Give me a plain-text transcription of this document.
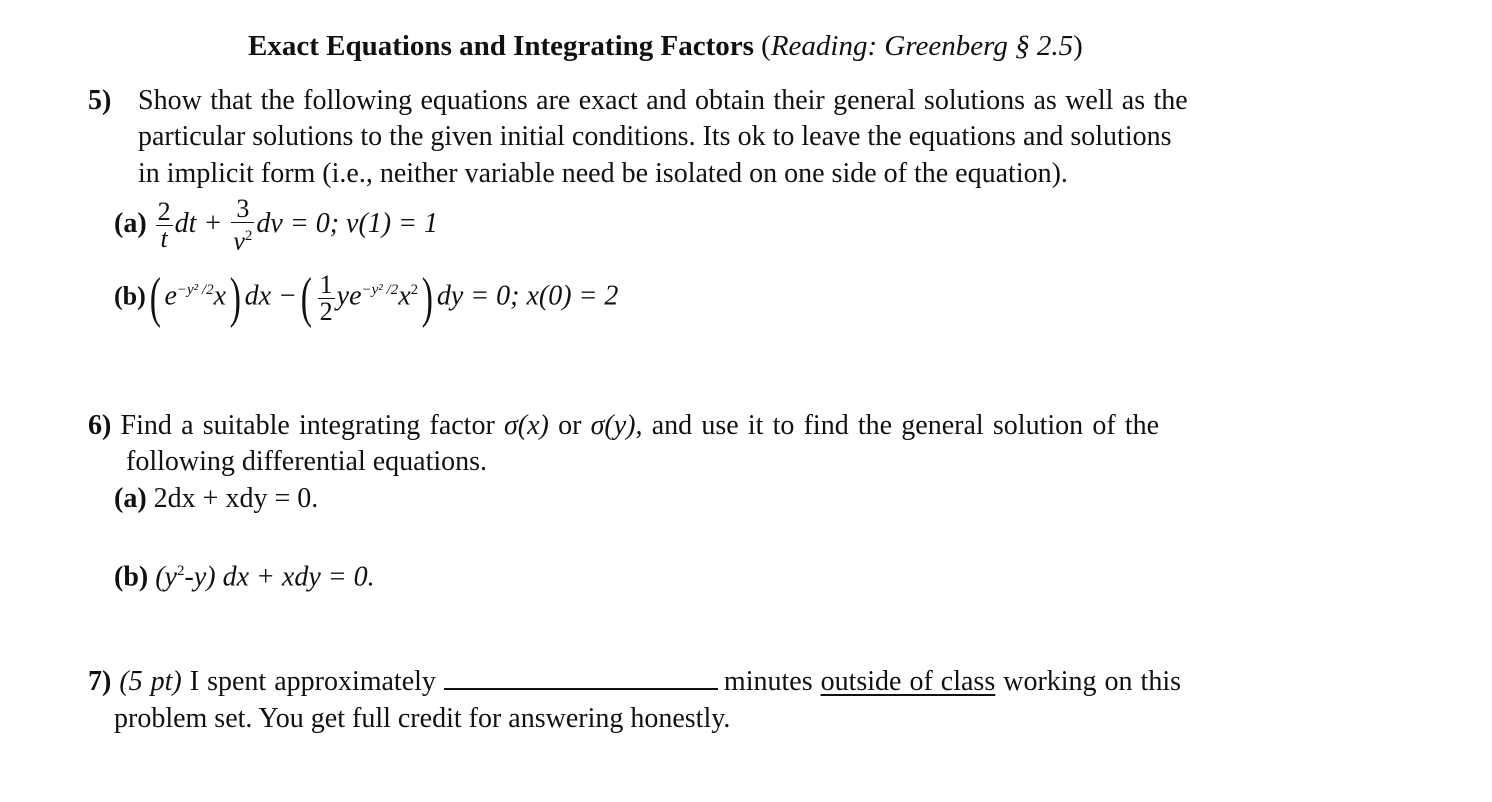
Exact Equations and Integrating Factors (Reading: Greenberg § 2.5)
5) Show that the following equations are exact and obtain their general solutions as well as the
particular solutions to the given initial conditions. Its ok to leave the equations and solutions
in implicit form (i.e., neither variable need be isolated on one side of the equation).
$(a) \frac{2}{t}$ dt + $\frac{3}{v^2}$ dv = 0; v(1) = 1
(b)( $e^{-y^2 /2}x$) dx −( $\frac{1}{2} ye^{-y^2 /2}x^2$) dy = 0; x(0) = 2
6) Find a suitable integrating factor σ(x) or σ(y), and use it to find the general solution of the
following differential equations.
(a) 2dx + xdy = 0.
(b) $(y^2-y)$ dx + xdy = 0.
7) (5 pt) I spent approximately	minutes outside of class working on this
problem set. You get full credit for answering honestly.
